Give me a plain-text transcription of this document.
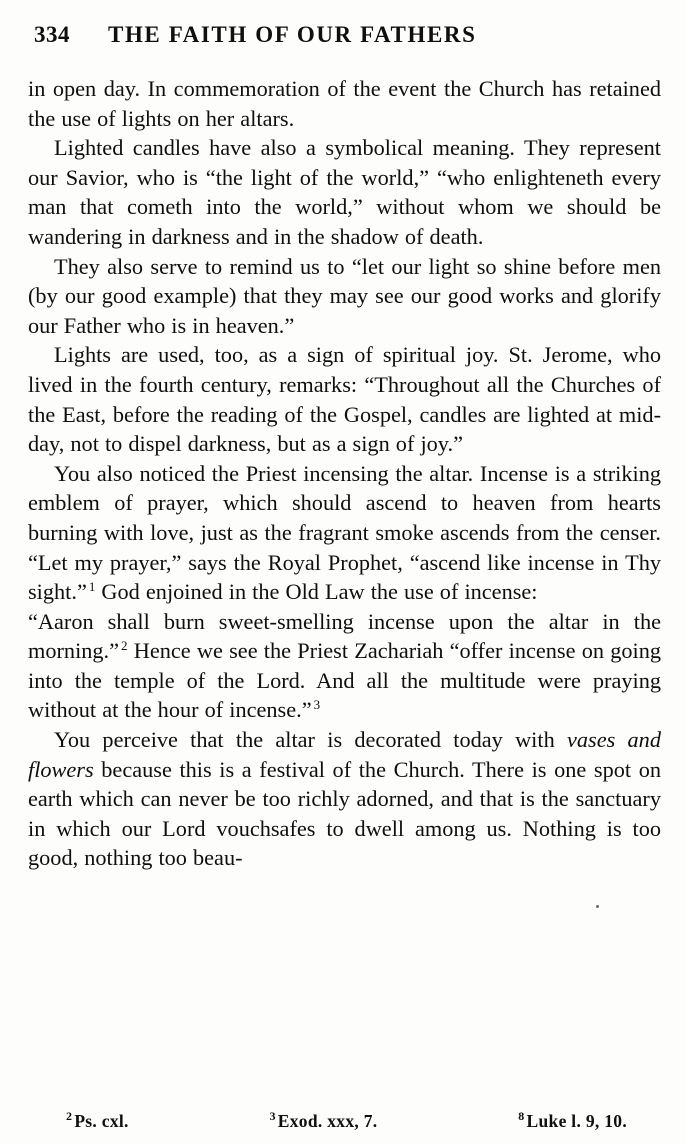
334 THE FAITH OF OUR FATHERS

in open day. In commemoration of the event the Church has retained the use of lights on her altars.

Lighted candles have also a symbolical meaning. They represent our Savior, who is “the light of the world,” “who enlighteneth every man that cometh into the world,” without whom we should be wandering in darkness and in the shadow of death.

They also serve to remind us to “let our light so shine before men (by our good example) that they may see our good works and glorify our Father who is in heaven.”

Lights are used, too, as a sign of spiritual joy. St. Jerome, who lived in the fourth century, remarks: “Throughout all the Churches of the East, before the reading of the Gospel, candles are lighted at mid-day, not to dispel darkness, but as a sign of joy.”

You also noticed the Priest incensing the altar. Incense is a striking emblem of prayer, which should ascend to heaven from hearts burning with love, just as the fragrant smoke ascends from the censer. “Let my prayer,” says the Royal Prophet, “ascend like incense in Thy sight.” $^1$ God enjoined in the Old Law the use of incense:

“Aaron shall burn sweet-smelling incense upon the altar in the morning.” $^2$ Hence we see the Priest Zachariah “offer incense on going into the temple of the Lord. And all the multitude were praying without at the hour of incense.” $^3$

You perceive that the altar is decorated today with vases and flowers because this is a festival of the Church. There is one spot on earth which can never be too richly adorned, and that is the sanctuary in which our Lord vouchsafes to dwell among us. Nothing is too good, nothing too beau-

$^2$ Ps. cxl.	$^3$ Exod. xxx, 7.	$^8$ Luke l. 9, 10.
